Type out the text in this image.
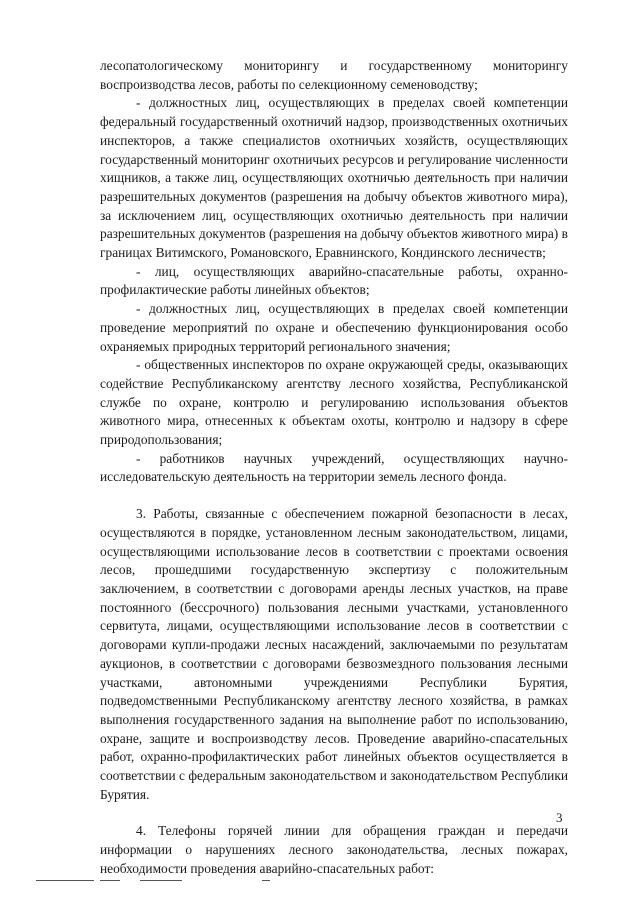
лесопатологическому мониторингу и государственному мониторингу воспроизводства лесов, работы по селекционному семеноводству;

- должностных лиц, осуществляющих в пределах своей компетенции федеральный государственный охотничий надзор, производственных охотничьих инспекторов, а также специалистов охотничьих хозяйств, осуществляющих государственный мониторинг охотничьих ресурсов и регулирование численности хищников, а также лиц, осуществляющих охотничью деятельность при наличии разрешительных документов (разрешения на добычу объектов животного мира), за исключением лиц, осуществляющих охотничью деятельность при наличии разрешительных документов (разрешения на добычу объектов животного мира) в границах Витимского, Романовского, Еравнинского, Кондинского лесничеств;

- лиц, осуществляющих аварийно-спасательные работы, охранно-профилактические работы линейных объектов;

- должностных лиц, осуществляющих в пределах своей компетенции проведение мероприятий по охране и обеспечению функционирования особо охраняемых природных территорий регионального значения;

- общественных инспекторов по охране окружающей среды, оказывающих содействие Республиканскому агентству лесного хозяйства, Республиканской службе по охране, контролю и регулированию использования объектов животного мира, отнесенных к объектам охоты, контролю и надзору в сфере природопользования;

- работников научных учреждений, осуществляющих научно-исследовательскую деятельность на территории земель лесного фонда.

3. Работы, связанные с обеспечением пожарной безопасности в лесах, осуществляются в порядке, установленном лесным законодательством, лицами, осуществляющими использование лесов в соответствии с проектами освоения лесов, прошедшими государственную экспертизу с положительным заключением, в соответствии с договорами аренды лесных участков, на праве постоянного (бессрочного) пользования лесными участками, установленного сервитута, лицами, осуществляющими использование лесов в соответствии с договорами купли-продажи лесных насаждений, заключаемыми по результатам аукционов, в соответствии с договорами безвозмездного пользования лесными участками, автономными учреждениями Республики Бурятия, подведомственными Республиканскому агентству лесного хозяйства, в рамках выполнения государственного задания на выполнение работ по использованию, охране, защите и воспроизводству лесов. Проведение аварийно-спасательных работ, охранно-профилактических работ линейных объектов осуществляется в соответствии с федеральным законодательством и законодательством Республики Бурятия.

4. Телефоны горячей линии для обращения граждан и передачи информации о нарушениях лесного законодательства, лесных пожарах, необходимости проведения аварийно-спасательных работ:

3
